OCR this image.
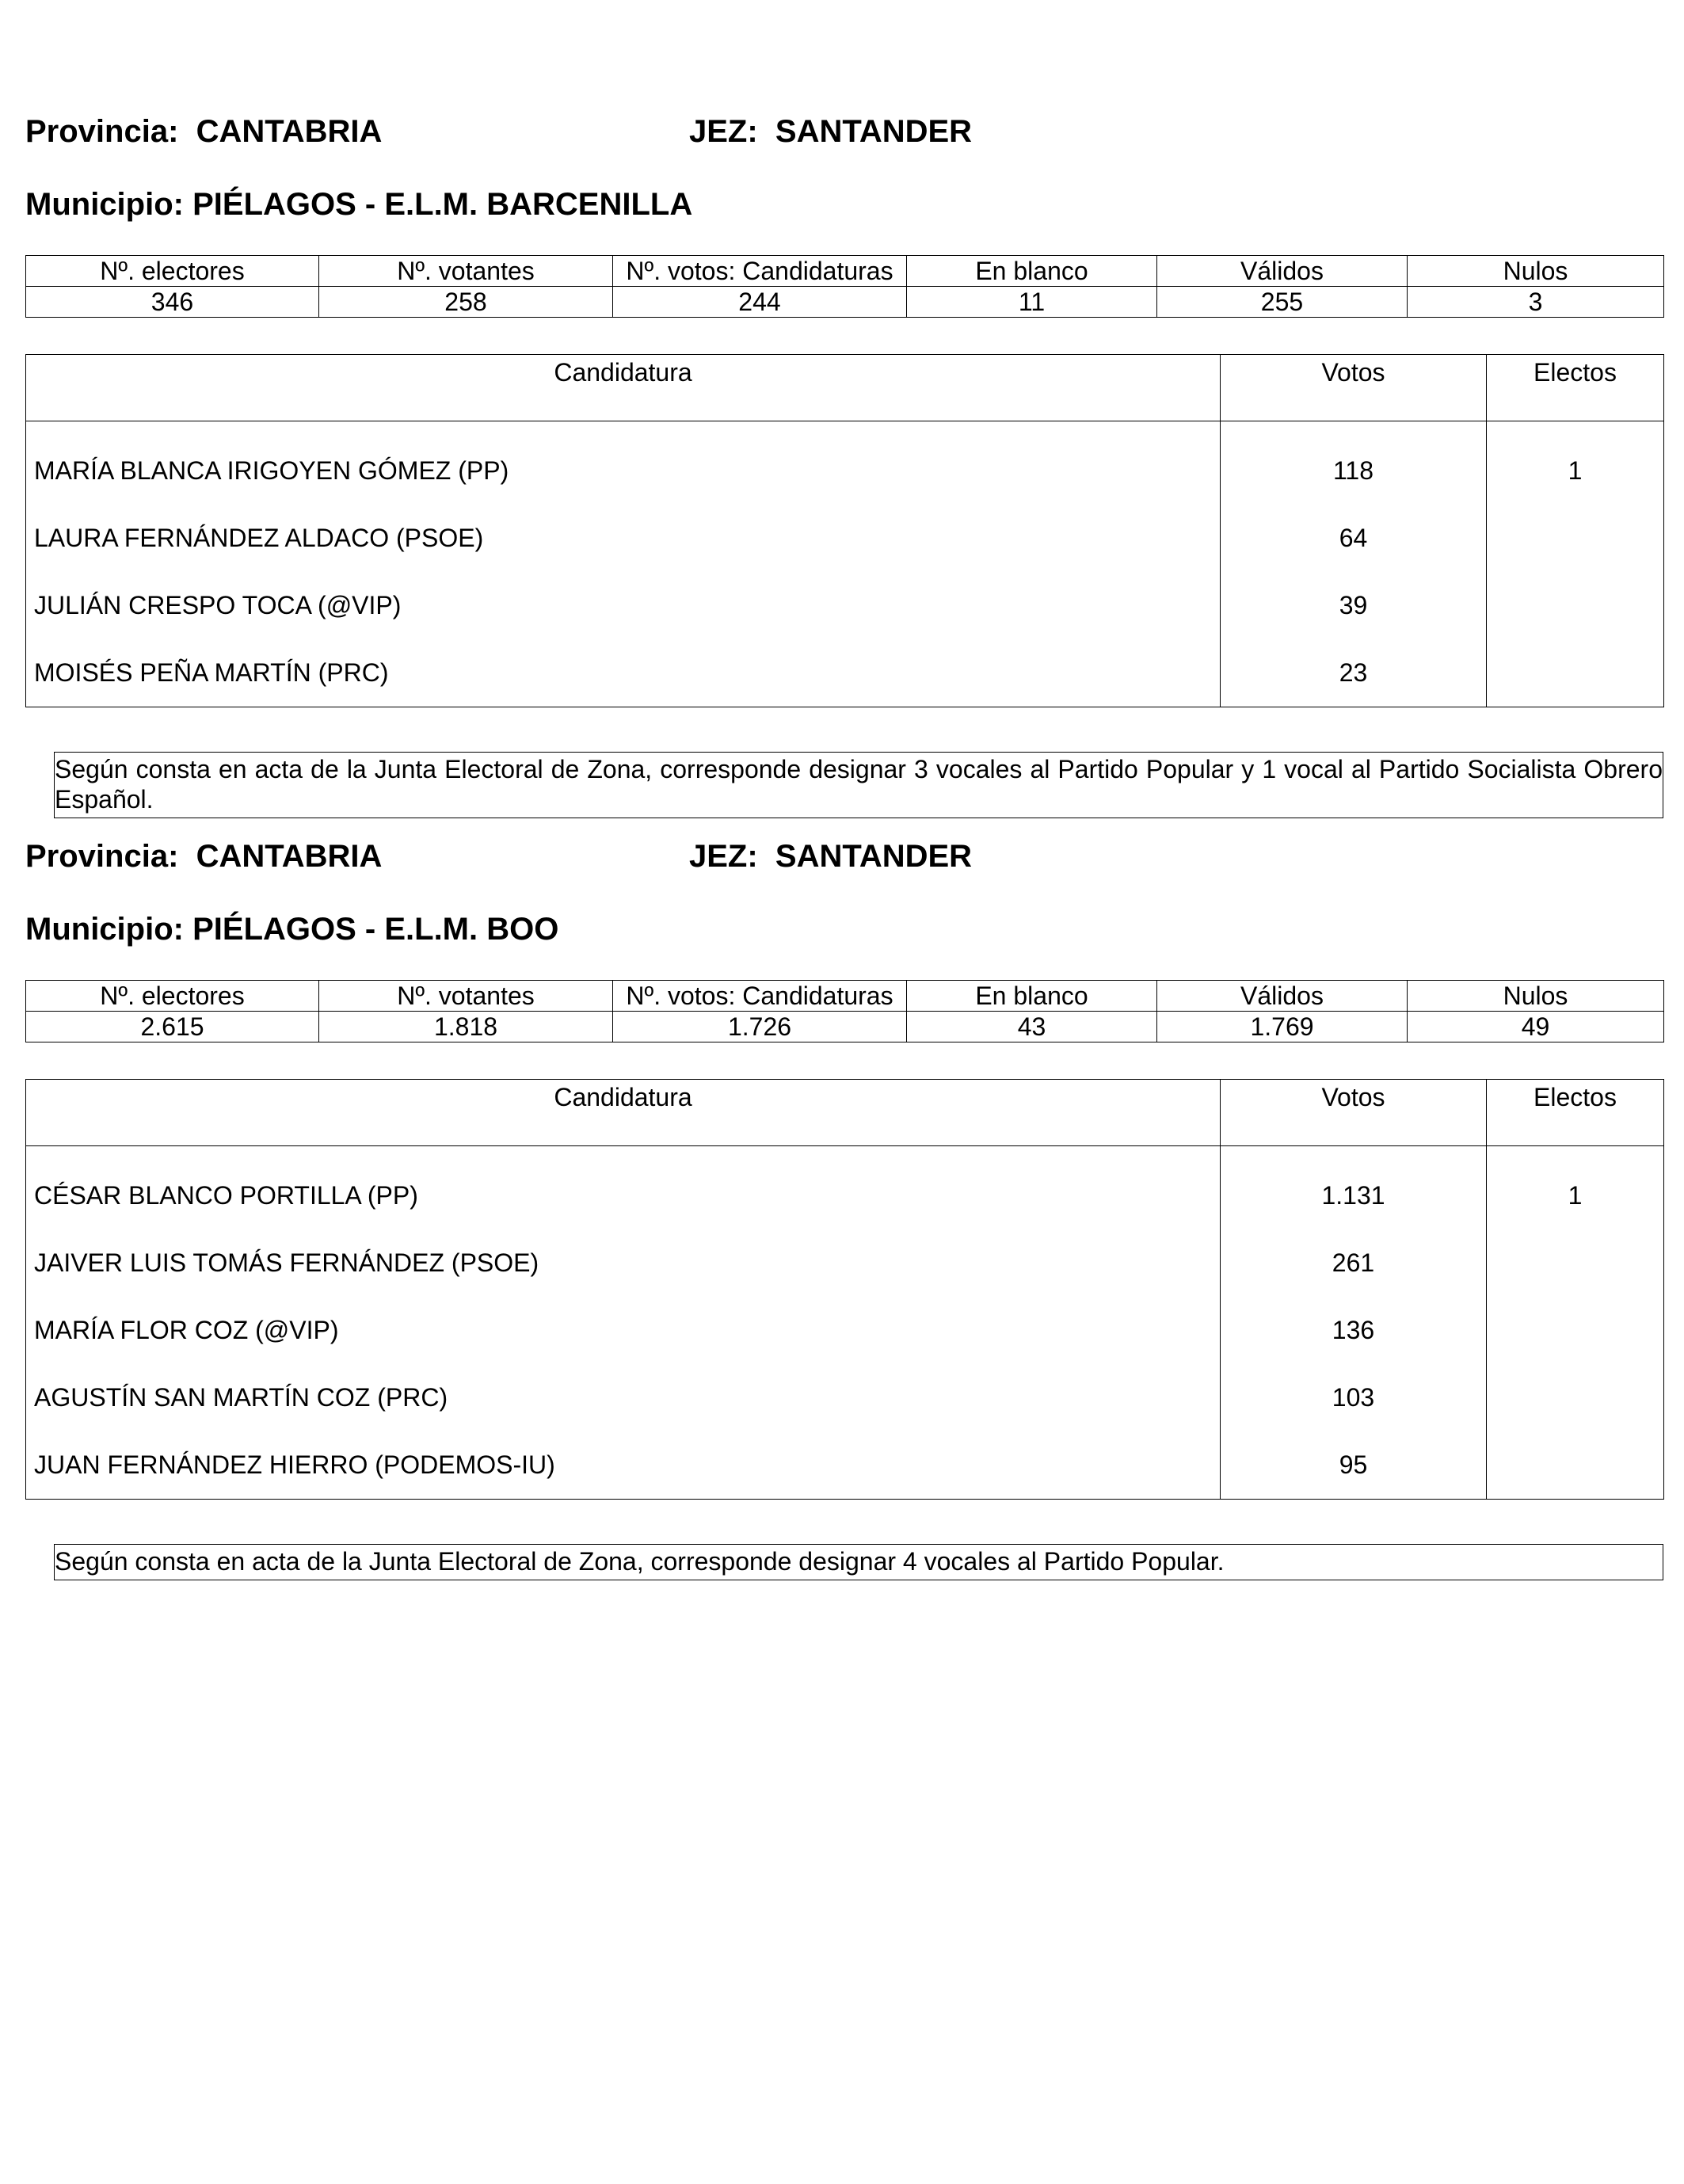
Provincia: CANTABRIA	JEZ: SANTANDER
Municipio: PIÉLAGOS - E.L.M. BARCENILLA
Nº. electores	Nº. votantes	Nº. votos: Candidaturas	En blanco	Válidos	Nulos
346	258	244	11	255	3
Candidatura	Votos	Electos
MARÍA BLANCA IRIGOYEN GÓMEZ (PP)	118	1
LAURA FERNÁNDEZ ALDACO (PSOE)	64	
JULIÁN CRESPO TOCA (@VIP)	39	
MOISÉS PEÑA MARTÍN (PRC)	23	
Según consta en acta de la Junta Electoral de Zona, corresponde designar 3 vocales al Partido Popular y 1 vocal al Partido Socialista Obrero Español.
Provincia: CANTABRIA	JEZ: SANTANDER
Municipio: PIÉLAGOS - E.L.M. BOO
Nº. electores	Nº. votantes	Nº. votos: Candidaturas	En blanco	Válidos	Nulos
2.615	1.818	1.726	43	1.769	49
Candidatura	Votos	Electos
CÉSAR BLANCO PORTILLA (PP)	1.131	1
JAIVER LUIS TOMÁS FERNÁNDEZ (PSOE)	261	
MARÍA FLOR COZ (@VIP)	136	
AGUSTÍN SAN MARTÍN COZ (PRC)	103	
JUAN FERNÁNDEZ HIERRO (PODEMOS-IU)	95	
Según consta en acta de la Junta Electoral de Zona, corresponde designar 4 vocales al Partido Popular.
